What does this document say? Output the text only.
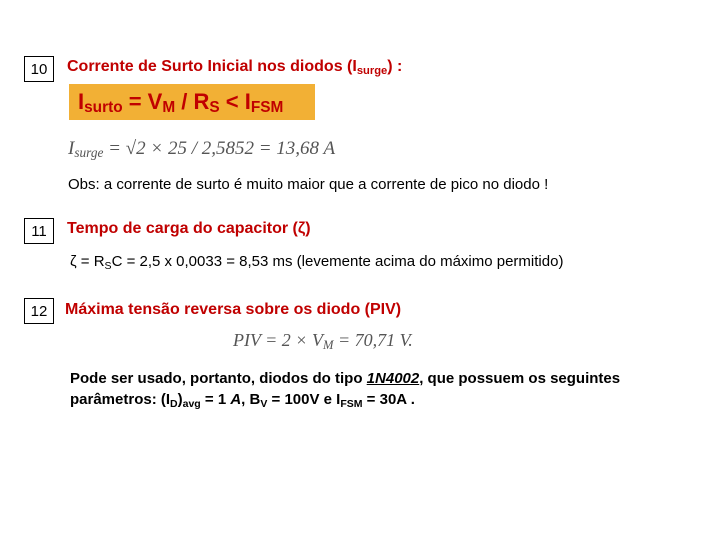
10 Corrente de Surto Inicial nos diodos $(I_{surge})$ :
$I_{surto} = V_M / R_S < I_{FSM}$
$I_{surge} = √2 \times 25 / 2,5852 = 13,68$ A
Obs: a corrente de surto é muito maior que a corrente de pico no diodo !
11 Tempo de carga do capacitor (ζ)
$\zeta = R_SC = 2,5$ x 0,0033 = 8,53 ms (levemente acima do máximo permitido)
12 Máxima tensão reversa sobre os diodo (PIV)
PIV = $2 \times V_M = 70,71$ V.
Pode ser usado, portanto, diodos do tipo 1N4002, que possuem os seguintes
parâmetros: $(I_D)_{avg} = 1$ A, $B_V = 100V$ e $I_{FSM} = 30A$ .
